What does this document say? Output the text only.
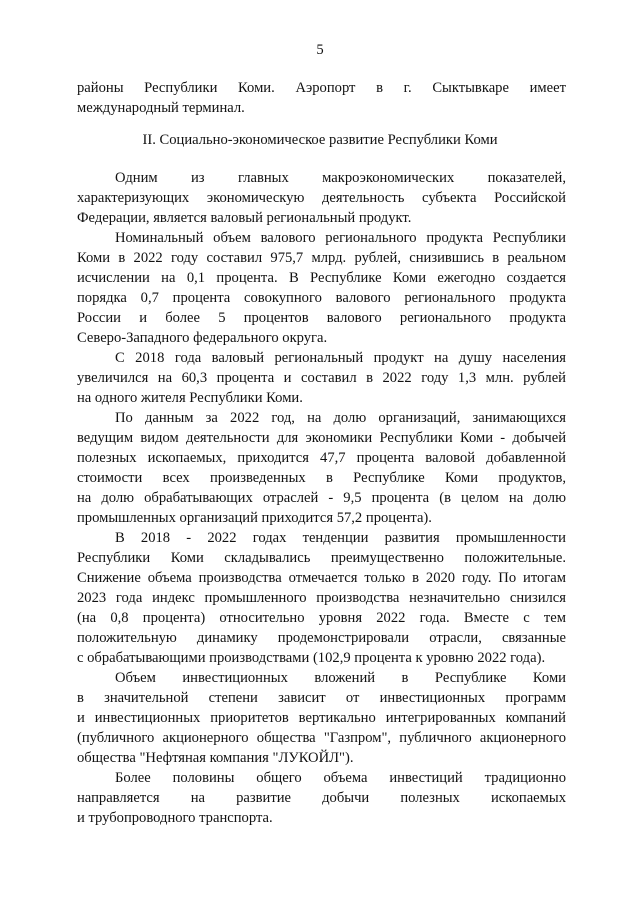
5
районы Республики Коми. Аэропорт в г. Сыктывкаре имеет
международный терминал.
II. Социально-экономическое развитие Республики Коми
Одним из главных макроэкономических показателей,
характеризующих экономическую деятельность субъекта Российской
Федерации, является валовый региональный продукт.
Номинальный объем валового регионального продукта Республики
Коми в 2022 году составил 975,7 млрд. рублей, снизившись в реальном
исчислении на 0,1 процента. В Республике Коми ежегодно создается
порядка 0,7 процента совокупного валового регионального продукта
России и более 5 процентов валового регионального продукта
Северо-Западного федерального округа.
С 2018 года валовый региональный продукт на душу населения
увеличился на 60,3 процента и составил в 2022 году 1,3 млн. рублей
на одного жителя Республики Коми.
По данным за 2022 год, на долю организаций, занимающихся
ведущим видом деятельности для экономики Республики Коми - добычей
полезных ископаемых, приходится 47,7 процента валовой добавленной
стоимости всех произведенных в Республике Коми продуктов,
на долю обрабатывающих отраслей - 9,5 процента (в целом на долю
промышленных организаций приходится 57,2 процента).
В 2018 - 2022 годах тенденции развития промышленности
Республики Коми складывались преимущественно положительные.
Снижение объема производства отмечается только в 2020 году. По итогам
2023 года индекс промышленного производства незначительно снизился
(на 0,8 процента) относительно уровня 2022 года. Вместе с тем
положительную динамику продемонстрировали отрасли, связанные
с обрабатывающими производствами (102,9 процента к уровню 2022 года).
Объем инвестиционных вложений в Республике Коми
в значительной степени зависит от инвестиционных программ
и инвестиционных приоритетов вертикально интегрированных компаний
(публичного акционерного общества "Газпром", публичного акционерного
общества "Нефтяная компания "ЛУКОЙЛ").
Более половины общего объема инвестиций традиционно
направляется на развитие добычи полезных ископаемых
и трубопроводного транспорта.
